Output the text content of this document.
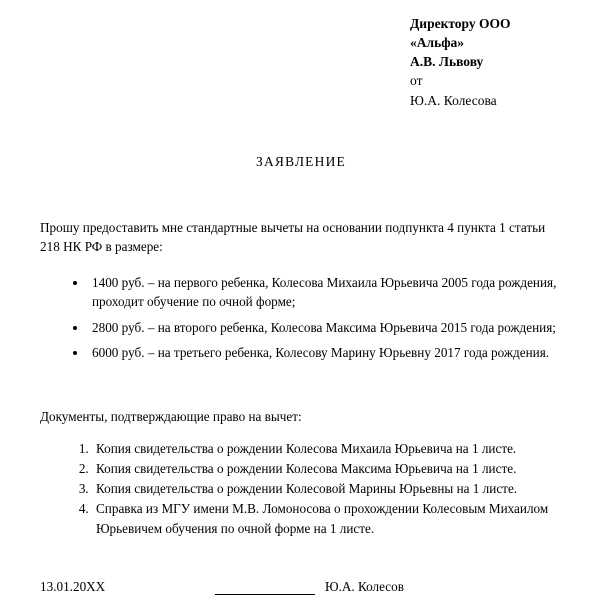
Директору ООО
«Альфа»
А.В. Львову
от
Ю.А. Колесова
ЗАЯВЛЕНИЕ
Прошу предоставить мне стандартные вычеты на основании подпункта 4 пункта 1 статьи 218 НК РФ в размере:
• 1400 руб. – на первого ребенка, Колесова Михаила Юрьевича 2005 года рождения, проходит обучение по очной форме;
• 2800 руб. – на второго ребенка, Колесова Максима Юрьевича 2015 года рождения;
• 6000 руб. – на третьего ребенка, Колесову Марину Юрьевну 2017 года рождения.
Документы, подтверждающие право на вычет:
1. Копия свидетельства о рождении Колесова Михаила Юрьевича на 1 листе.
2. Копия свидетельства о рождении Колесова Максима Юрьевича на 1 листе.
3. Копия свидетельства о рождении Колесовой Марины Юрьевны на 1 листе.
4. Справка из МГУ имени М.В. Ломоносова о прохождении Колесовым Михаилом Юрьевичем обучения по очной форме на 1 листе.
13.01.20ХХ	Ю.А. Колесов
